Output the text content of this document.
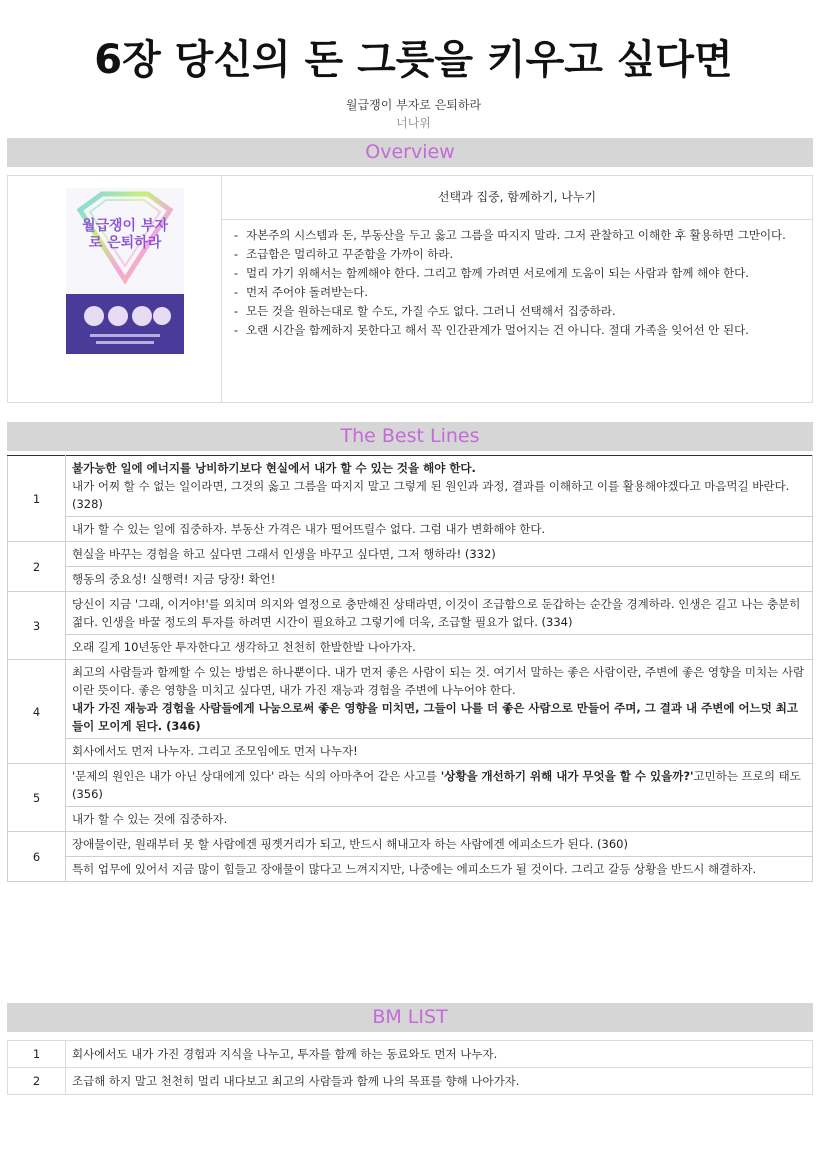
6장 당신의 돈 그릇을 키우고 싶다면
월급쟁이 부자로 은퇴하라
너나위
Overview
월급쟁이 부자로 은퇴하라
선택과 집중, 함께하기, 나누기
- 자본주의 시스템과 돈, 부동산을 두고 옳고 그름을 따지지 말라. 그저 관찰하고 이해한 후 활용하면 그만이다.
- 조급함은 멀리하고 꾸준함을 가까이 하라.
- 멀리 가기 위해서는 함께해야 한다. 그리고 함께 가려면 서로에게 도움이 되는 사람과 함께 해야 한다.
- 먼저 주어야 돌려받는다.
- 모든 것을 원하는대로 할 수도, 가질 수도 없다. 그러니 선택해서 집중하라.
- 오랜 시간을 함께하지 못한다고 해서 꼭 인간관계가 멀어지는 건 아니다. 절대 가족을 잊어선 안 된다.
The Best Lines
1	불가능한 일에 에너지를 낭비하기보다 현실에서 내가 할 수 있는 것을 해야 한다.
내가 어찌 할 수 없는 일이라면, 그것의 옳고 그름을 따지지 말고 그렇게 된 원인과 과정, 결과를 이해하고 이를 활용해야겠다고 마음먹길 바란다. (328)
	내가 할 수 있는 일에 집중하자. 부동산 가격은 내가 떨어뜨릴수 없다. 그럼 내가 변화해야 한다.
2	현실을 바꾸는 경험을 하고 싶다면 그래서 인생을 바꾸고 싶다면, 그저 행하라! (332)
	행동의 중요성! 실행력! 지금 당장! 확언!
3	당신이 지금 '그래, 이거야!'를 외치며 의지와 열정으로 충만해진 상태라면, 이것이 조급함으로 둔갑하는 순간을 경계하라. 인생은 길고 나는 충분히 젊다. 인생을 바꿀 정도의 투자를 하려면 시간이 필요하고 그렇기에 더욱, 조급할 필요가 없다. (334)
	오래 길게 10년동안 투자한다고 생각하고 천천히 한발한발 나아가자.
4	최고의 사람들과 함께할 수 있는 방법은 하나뿐이다. 내가 먼저 좋은 사람이 되는 것. 여기서 말하는 좋은 사람이란, 주변에 좋은 영향을 미치는 사람이란 뜻이다. 좋은 영향을 미치고 싶다면, 내가 가진 재능과 경험을 주변에 나누어야 한다.
내가 가진 재능과 경험을 사람들에게 나눔으로써 좋은 영향을 미치면, 그들이 나를 더 좋은 사람으로 만들어 주며, 그 결과 내 주변에 어느덧 최고들이 모이게 된다. (346)
	회사에서도 먼저 나누자. 그리고 조모임에도 먼저 나누자!
5	'문제의 원인은 내가 아닌 상대에게 있다' 라는 식의 아마추어 같은 사고를 '상황을 개선하기 위해 내가 무엇을 할 수 있을까?'고민하는 프로의 태도 (356)
	내가 할 수 있는 것에 집중하자.
6	장애물이란, 원래부터 못 할 사람에겐 핑곗거리가 되고, 반드시 해내고자 하는 사람에겐 에피소드가 된다. (360)
	특히 업무에 있어서 지금 많이 힘들고 장애물이 많다고 느껴지지만, 나중에는 에피소드가 될 것이다. 그리고 갈등 상황을 반드시 해결하자.
BM LIST
1	회사에서도 내가 가진 경험과 지식을 나누고, 투자를 함께 하는 동료와도 먼저 나누자.
2	조급해 하지 말고 천천히 멀리 내다보고 최고의 사람들과 함께 나의 목표를 향해 나아가자.
